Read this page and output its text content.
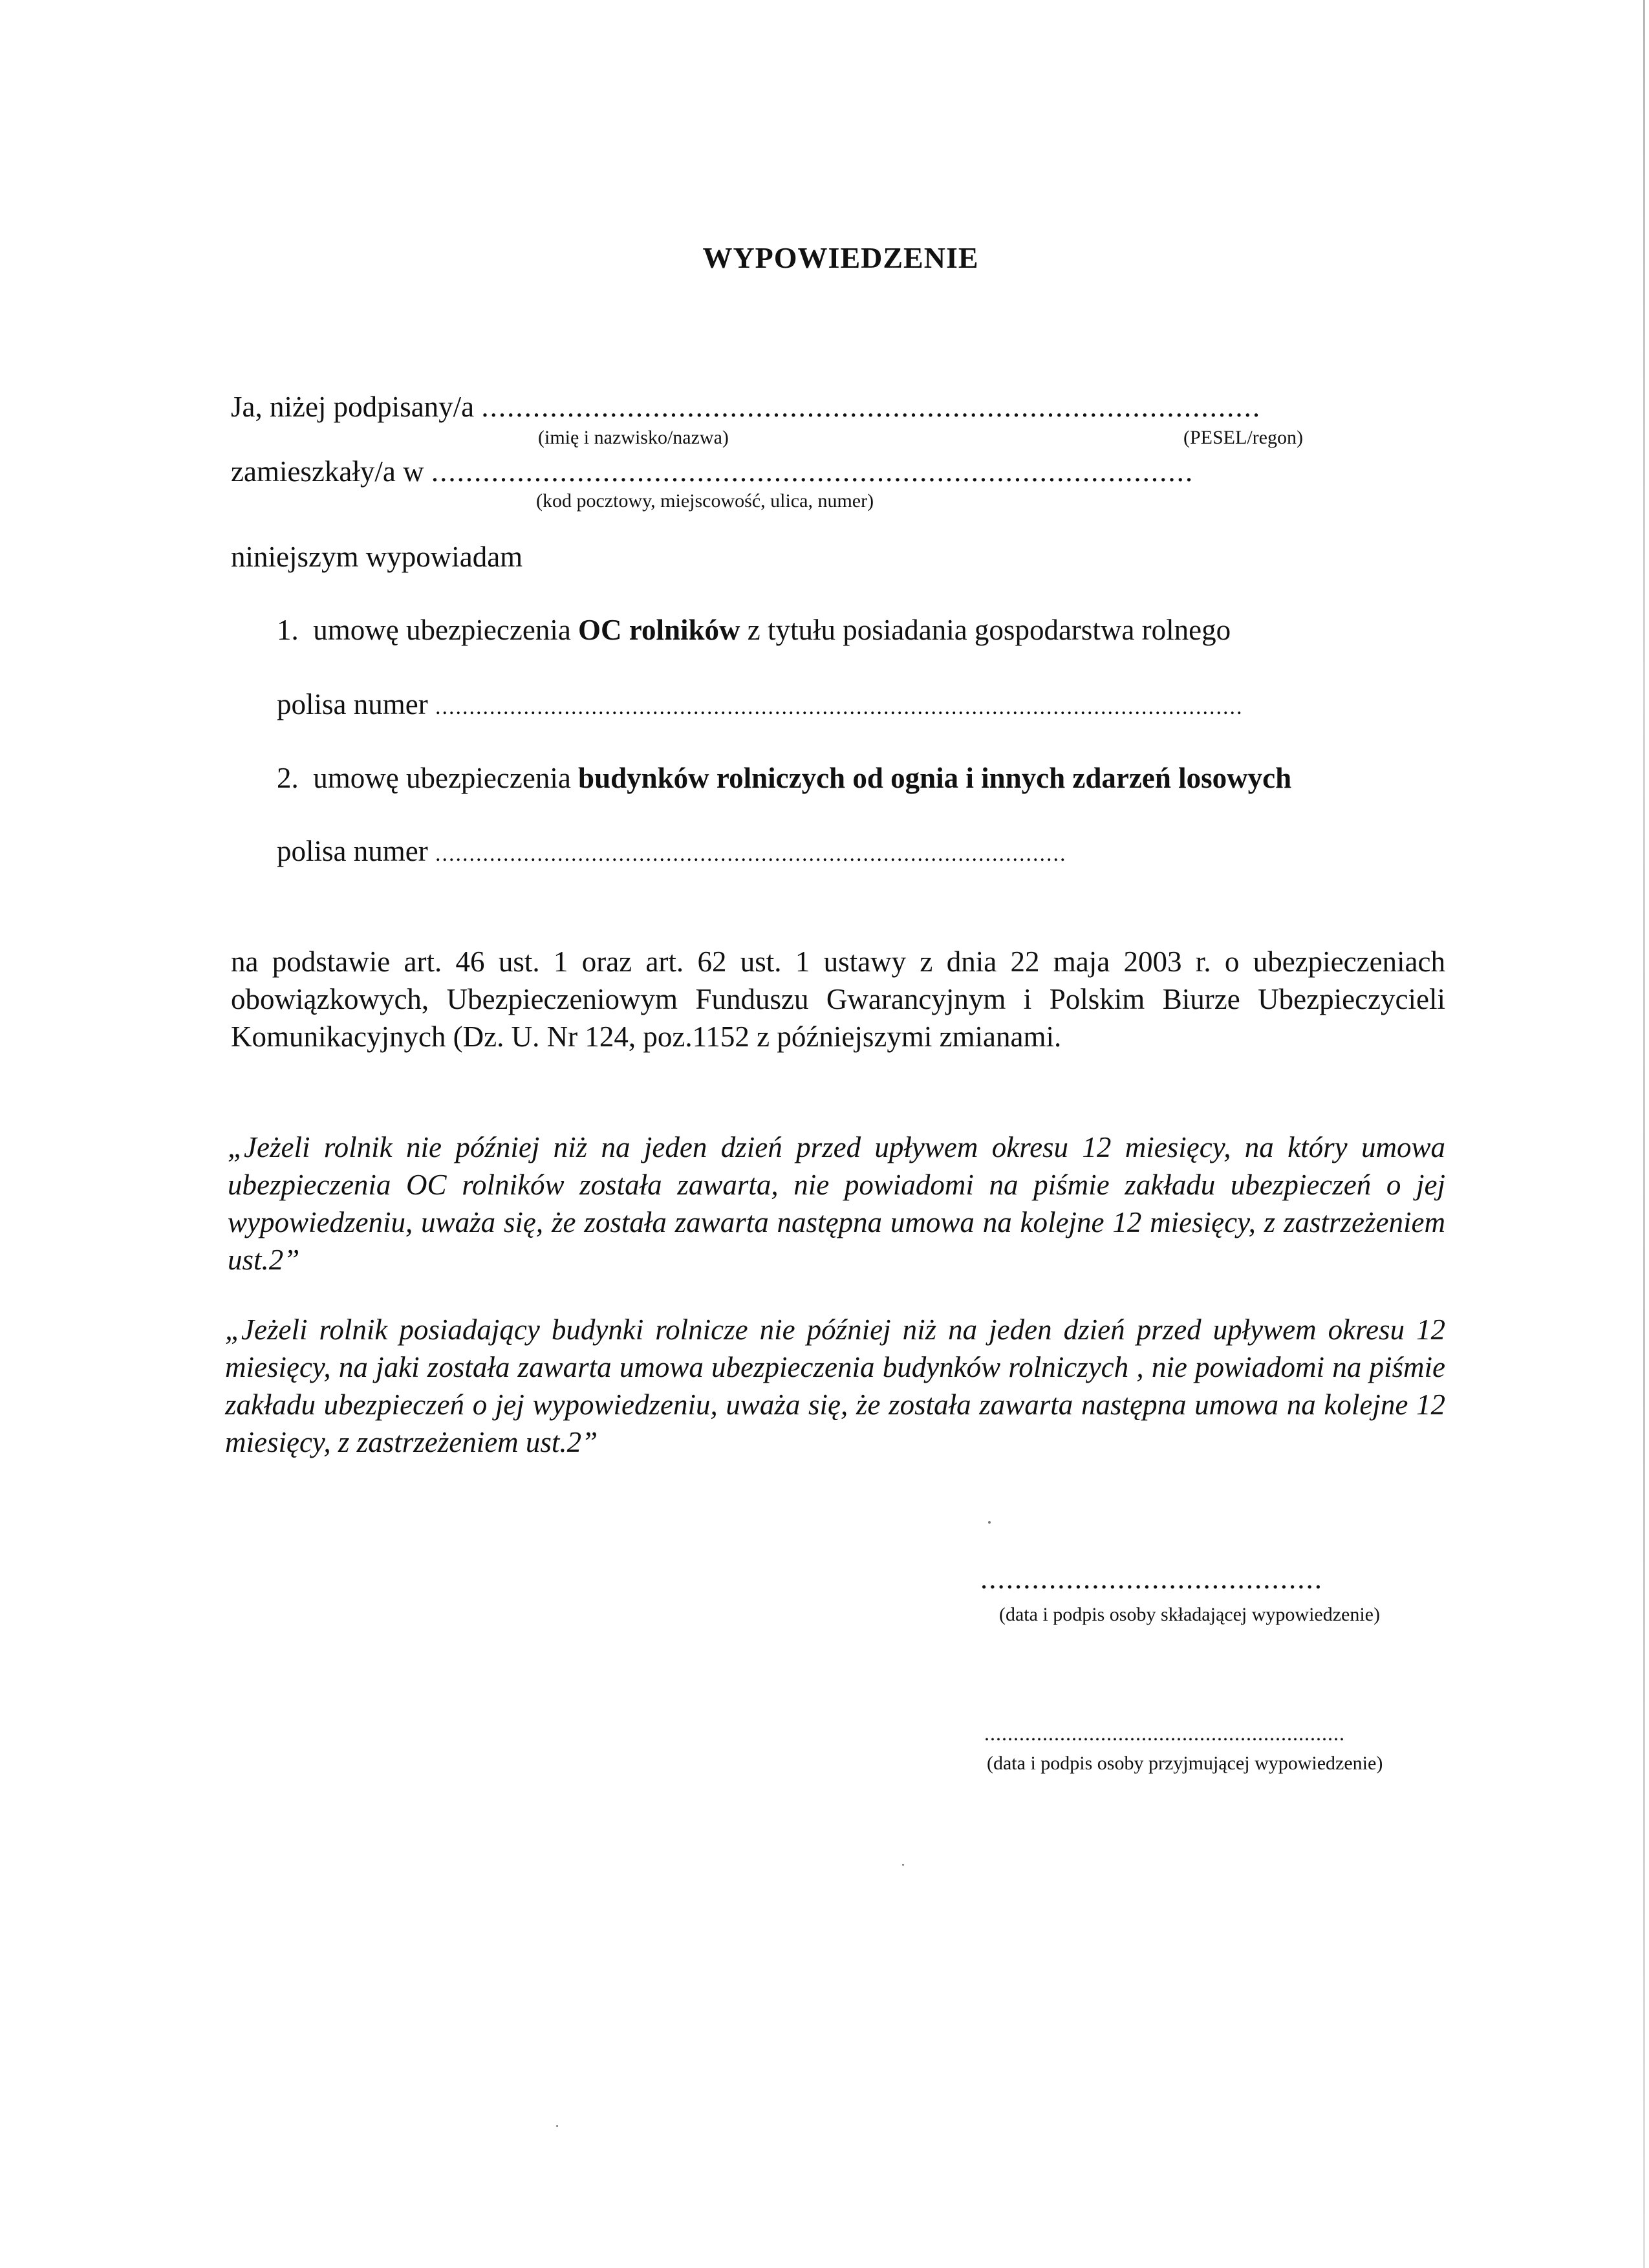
WYPOWIEDZENIE
Ja, niżej podpisany/a ...........................................................................................
(imię i nazwisko/nazwa)	(PESEL/regon)
zamieszkały/a w .........................................................................................
(kod pocztowy, miejscowość, ulica, numer)
niniejszym wypowiadam
1. umowę ubezpieczenia OC rolników z tytułu posiadania gospodarstwa rolnego
polisa numer .......................................................................................................................
2. umowę ubezpieczenia budynków rolniczych od ognia i innych zdarzeń losowych
polisa numer .............................................................................................
na podstawie art. 46 ust. 1 oraz art. 62 ust. 1 ustawy z dnia 22 maja 2003 r. o ubezpieczeniach obowiązkowych, Ubezpieczeniowym Funduszu Gwarancyjnym i Polskim Biurze Ubezpieczycieli Komunikacyjnych (Dz. U. Nr 124, poz.1152 z późniejszymi zmianami.
„Jeżeli rolnik nie później niż na jeden dzień przed upływem okresu 12 miesięcy, na który umowa ubezpieczenia OC rolników została zawarta, nie powiadomi na piśmie zakładu ubezpieczeń o jej wypowiedzeniu, uważa się, że została zawarta następna umowa na kolejne 12 miesięcy, z zastrzeżeniem ust.2”
„Jeżeli rolnik posiadający budynki rolnicze nie później niż na jeden dzień przed upływem okresu 12 miesięcy, na jaki została zawarta umowa ubezpieczenia budynków rolniczych , nie powiadomi na piśmie zakładu ubezpieczeń o jej wypowiedzeniu, uważa się, że została zawarta następna umowa na kolejne 12 miesięcy, z zastrzeżeniem ust.2”
........................................
(data i podpis osoby składającej wypowiedzenie)
..............................................................
(data i podpis osoby przyjmującej wypowiedzenie)
